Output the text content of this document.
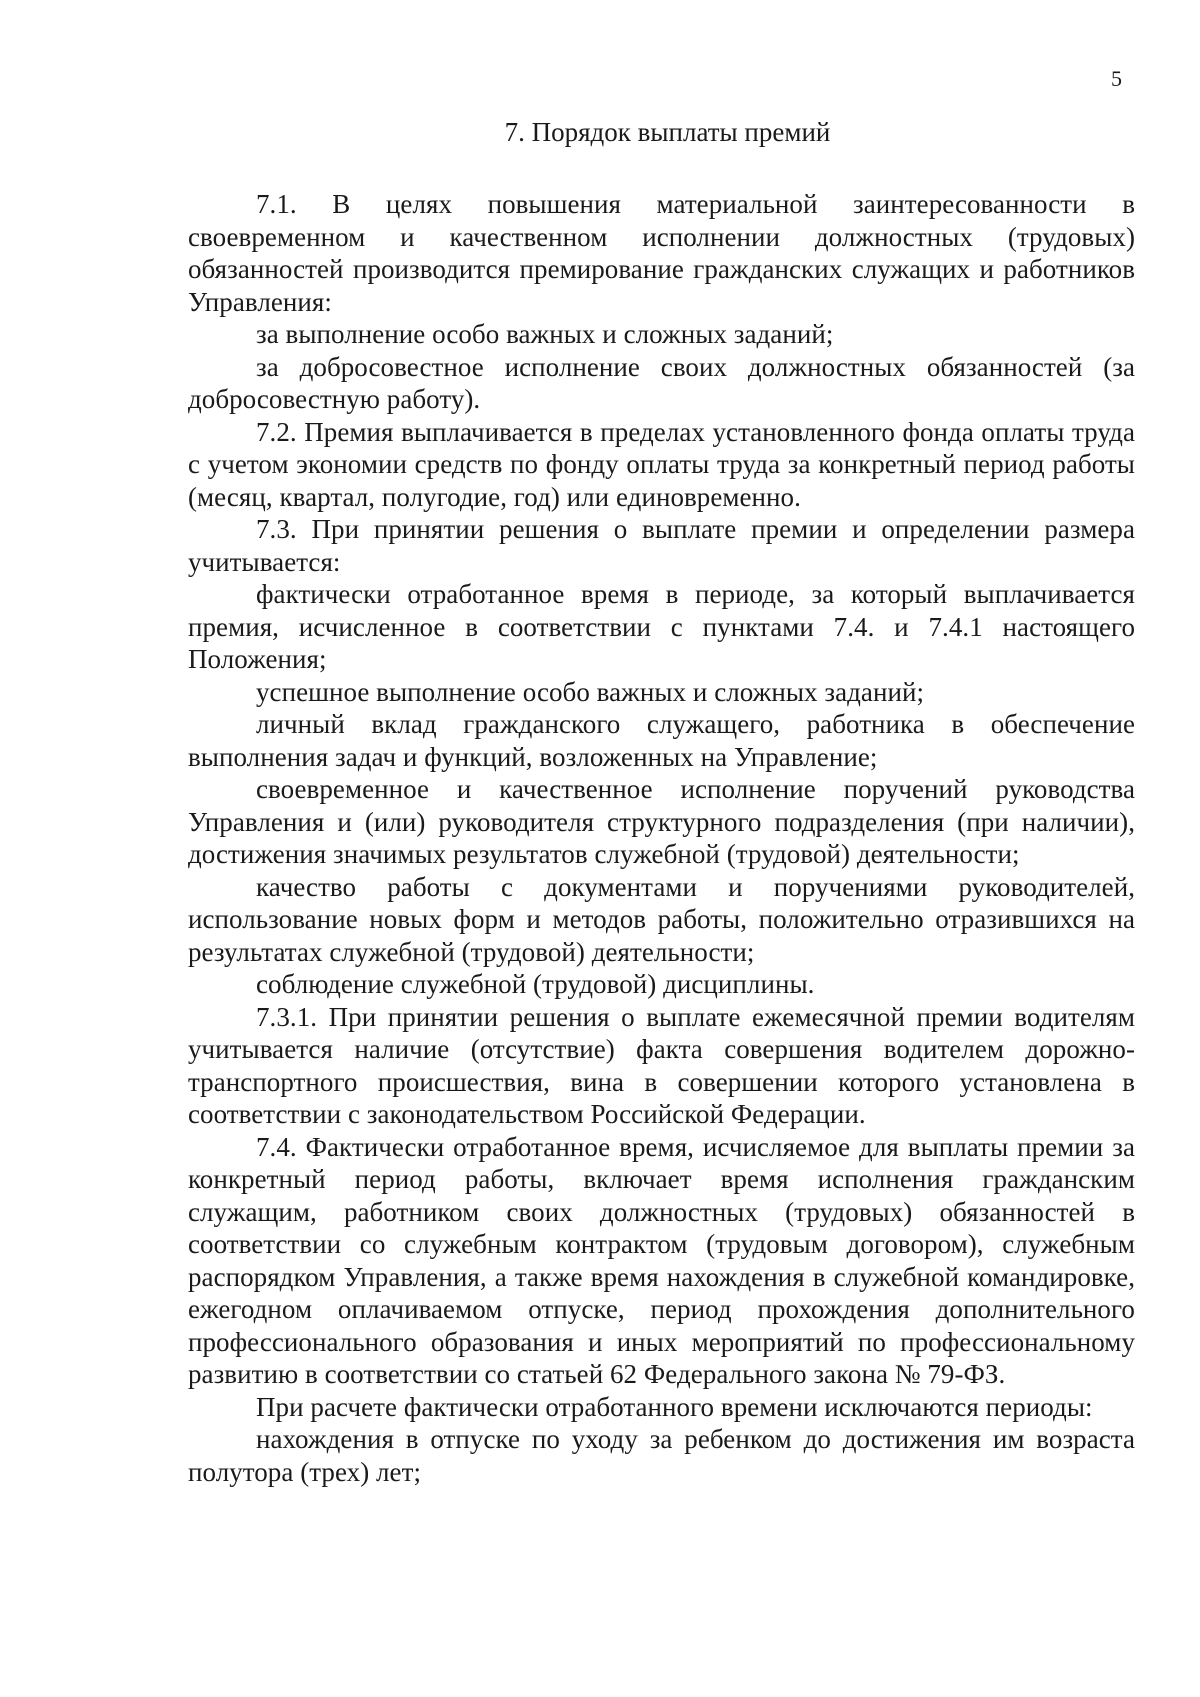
5
7. Порядок выплаты премий

7.1. В целях повышения материальной заинтересованности в своевременном и качественном исполнении должностных (трудовых) обязанностей производится премирование гражданских служащих и работников Управления:

за выполнение особо важных и сложных заданий;

за добросовестное исполнение своих должностных обязанностей (за добросовестную работу).

7.2. Премия выплачивается в пределах установленного фонда оплаты труда с учетом экономии средств по фонду оплаты труда за конкретный период работы (месяц, квартал, полугодие, год) или единовременно.

7.3. При принятии решения о выплате премии и определении размера учитывается:

фактически отработанное время в периоде, за который выплачивается премия, исчисленное в соответствии с пунктами 7.4. и 7.4.1 настоящего Положения;

успешное выполнение особо важных и сложных заданий;

личный вклад гражданского служащего, работника в обеспечение выполнения задач и функций, возложенных на Управление;

своевременное и качественное исполнение поручений руководства Управления и (или) руководителя структурного подразделения (при наличии), достижения значимых результатов служебной (трудовой) деятельности;

качество работы с документами и поручениями руководителей, использование новых форм и методов работы, положительно отразившихся на результатах служебной (трудовой) деятельности;

соблюдение служебной (трудовой) дисциплины.

7.3.1. При принятии решения о выплате ежемесячной премии водителям учитывается наличие (отсутствие) факта совершения водителем дорожно-транспортного происшествия, вина в совершении которого установлена в соответствии с законодательством Российской Федерации.

7.4. Фактически отработанное время, исчисляемое для выплаты премии за конкретный период работы, включает время исполнения гражданским служащим, работником своих должностных (трудовых) обязанностей в соответствии со служебным контрактом (трудовым договором), служебным распорядком Управления, а также время нахождения в служебной командировке, ежегодном оплачиваемом отпуске, период прохождения дополнительного профессионального образования и иных мероприятий по профессиональному развитию в соответствии со статьей 62 Федерального закона № 79-ФЗ.

При расчете фактически отработанного времени исключаются периоды:

нахождения в отпуске по уходу за ребенком до достижения им возраста полутора (трех) лет;
